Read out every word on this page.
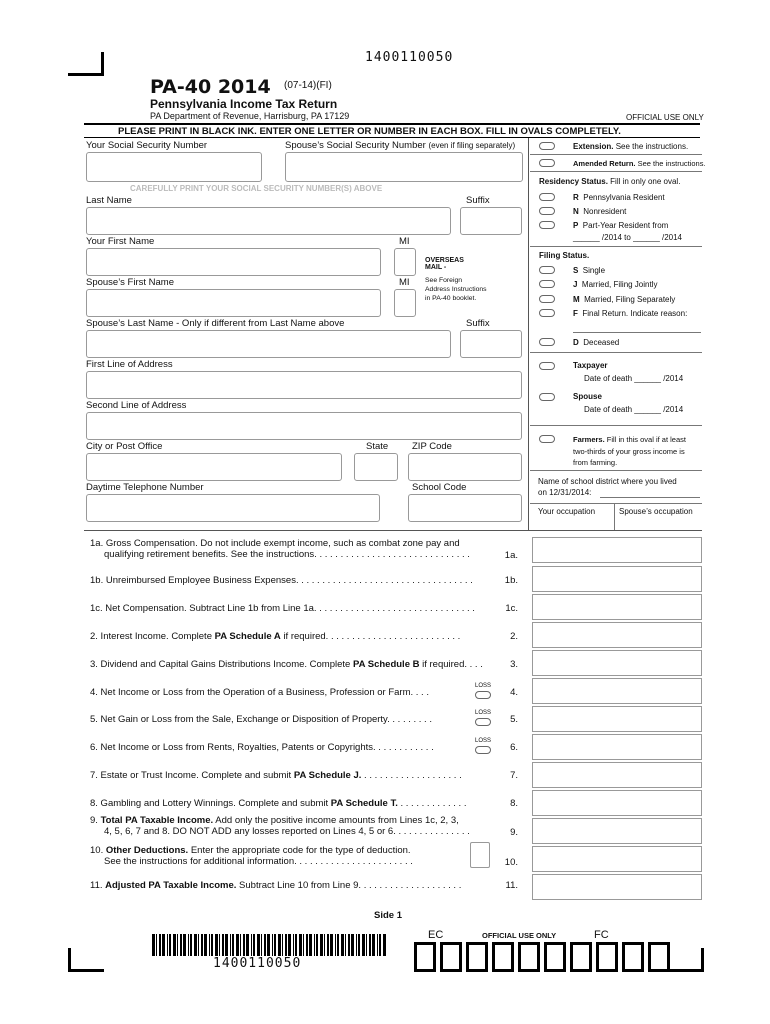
1400110050
PA-40 2014 (07-14)(FI)
Pennsylvania Income Tax Return
PA Department of Revenue, Harrisburg, PA 17129	OFFICIAL USE ONLY
PLEASE PRINT IN BLACK INK. ENTER ONE LETTER OR NUMBER IN EACH BOX. FILL IN OVALS COMPLETELY.
Your Social Security Number	Spouse’s Social Security Number (even if filing separately)
CAREFULLY PRINT YOUR SOCIAL SECURITY NUMBER(S) ABOVE
Last Name	Suffix
Your First Name	MI
OVERSEAS MAIL -
See Foreign Address Instructions in PA-40 booklet.
Spouse’s First Name	MI
Spouse’s Last Name - Only if different from Last Name above	Suffix
First Line of Address
Second Line of Address
City or Post Office	State	ZIP Code
Daytime Telephone Number	School Code
Extension. See the instructions.
Amended Return. See the instructions.
Residency Status. Fill in only one oval.
R Pennsylvania Resident
N Nonresident
P Part-Year Resident from
______ /2014 to ______ /2014
Filing Status.
S Single
J Married, Filing Jointly
M Married, Filing Separately
F Final Return. Indicate reason:
D Deceased
Taxpayer
Date of death ______ /2014
Spouse
Date of death ______ /2014
Farmers. Fill in this oval if at least
two-thirds of your gross income is
from farming.
Name of school district where you lived
on 12/31/2014:
Your occupation	Spouse’s occupation
1a. Gross Compensation. Do not include exempt income, such as combat zone pay and
qualifying retirement benefits. See the instructions. . . . . . . . . . . . . . . . . . . . . . . . . . . . . .	1a.
1b. Unreimbursed Employee Business Expenses. . . . . . . . . . . . . . . . . . . . . . . . . . . . . . . . . .	1b.
1c. Net Compensation. Subtract Line 1b from Line 1a. . . . . . . . . . . . . . . . . . . . . . . . . . . . . . .	1c.
2. Interest Income. Complete PA Schedule A if required. . . . . . . . . . . . . . . . . . . . . . . . . .	2.
3. Dividend and Capital Gains Distributions Income. Complete PA Schedule B if required. . . .	3.
4. Net Income or Loss from the Operation of a Business, Profession or Farm. . . .	4.
LOSS
5. Net Gain or Loss from the Sale, Exchange or Disposition of Property. . . . . . . . .	5.
LOSS
6. Net Income or Loss from Rents, Royalties, Patents or Copyrights. . . . . . . . . . . .	6.
LOSS
7. Estate or Trust Income. Complete and submit PA Schedule J. . . . . . . . . . . . . . . . . . . .	7.
8. Gambling and Lottery Winnings. Complete and submit PA Schedule T. . . . . . . . . . . . . .	8.
9. Total PA Taxable Income. Add only the positive income amounts from Lines 1c, 2, 3,
4, 5, 6, 7 and 8. DO NOT ADD any losses reported on Lines 4, 5 or 6. . . . . . . . . . . . . . .	9.
10. Other Deductions. Enter the appropriate code for the type of deduction.
See the instructions for additional information. . . . . . . . . . . . . . . . . . . . . . .	10.
11. Adjusted PA Taxable Income. Subtract Line 10 from Line 9. . . . . . . . . . . . . . . . . . . .	11.
Side 1
EC	OFFICIAL USE ONLY	FC
1400110050
